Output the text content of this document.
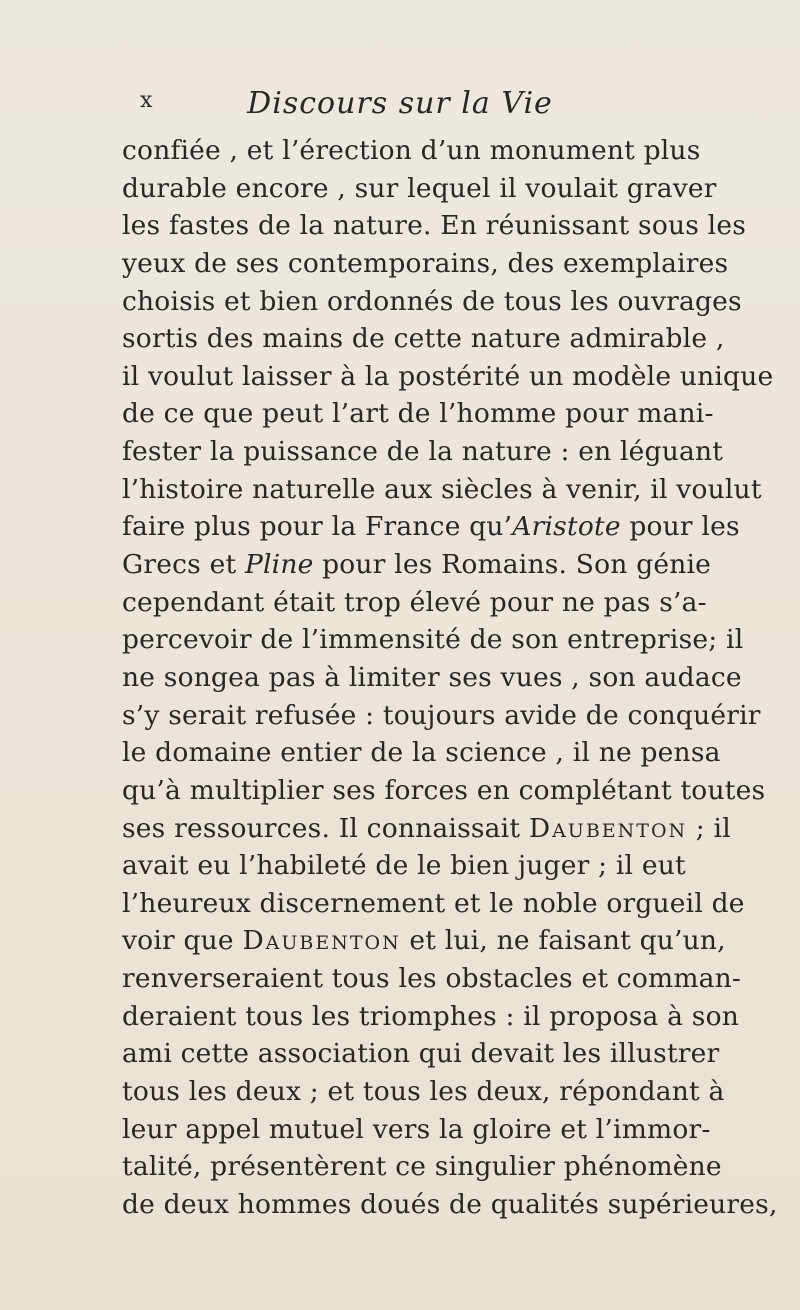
x	Discours sur la Vie
confiée , et l’érection d’un monument plus
durable encore , sur lequel il voulait graver
les fastes de la nature. En réunissant sous les
yeux de ses contemporains, des exemplaires
choisis et bien ordonnés de tous les ouvrages
sortis des mains de cette nature admirable ,
il voulut laisser à la postérité un modèle unique
de ce que peut l’art de l’homme pour mani-
fester la puissance de la nature : en léguant
l’histoire naturelle aux siècles à venir, il voulut
faire plus pour la France qu’Aristote pour les
Grecs et Pline pour les Romains. Son génie
cependant était trop élevé pour ne pas s’a-
percevoir de l’immensité de son entreprise; il
ne songea pas à limiter ses vues , son audace
s’y serait refusée : toujours avide de conquérir
le domaine entier de la science , il ne pensa
qu’à multiplier ses forces en complétant toutes
ses ressources. Il connaissait Daubenton ; il
avait eu l’habileté de le bien juger ; il eut
l’heureux discernement et le noble orgueil de
voir que Daubenton et lui, ne faisant qu’un,
renverseraient tous les obstacles et comman-
deraient tous les triomphes : il proposa à son
ami cette association qui devait les illustrer
tous les deux ; et tous les deux, répondant à
leur appel mutuel vers la gloire et l’immor-
talité, présentèrent ce singulier phénomène
de deux hommes doués de qualités supérieures,
